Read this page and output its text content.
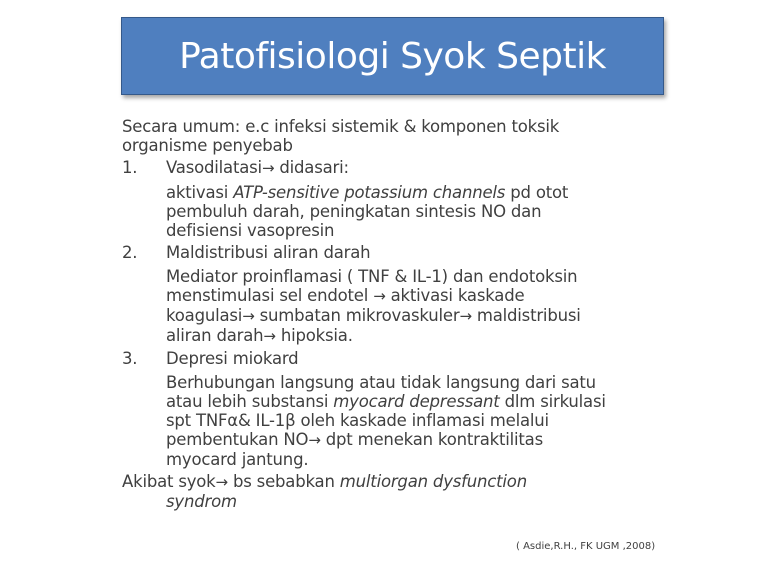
Patofisiologi Syok Septik
Secara umum: e.c infeksi sistemik & komponen toksik
organisme penyebab
1. Vasodilatasi→ didasari:
aktivasi ATP-sensitive potassium channels pd otot
pembuluh darah, peningkatan sintesis NO dan
defisiensi vasopresin
2. Maldistribusi aliran darah
Mediator proinflamasi ( TNF & IL-1) dan endotoksin
menstimulasi sel endotel → aktivasi kaskade
koagulasi→ sumbatan mikrovaskuler→ maldistribusi
aliran darah→ hipoksia.
3. Depresi miokard
Berhubungan langsung atau tidak langsung dari satu
atau lebih substansi myocard depressant dlm sirkulasi
spt TNFα& IL-1β oleh kaskade inflamasi melalui
pembentukan NO→ dpt menekan kontraktilitas
myocard jantung.
Akibat syok→ bs sebabkan multiorgan dysfunction
syndrom
( Asdie,R.H., FK UGM ,2008)
